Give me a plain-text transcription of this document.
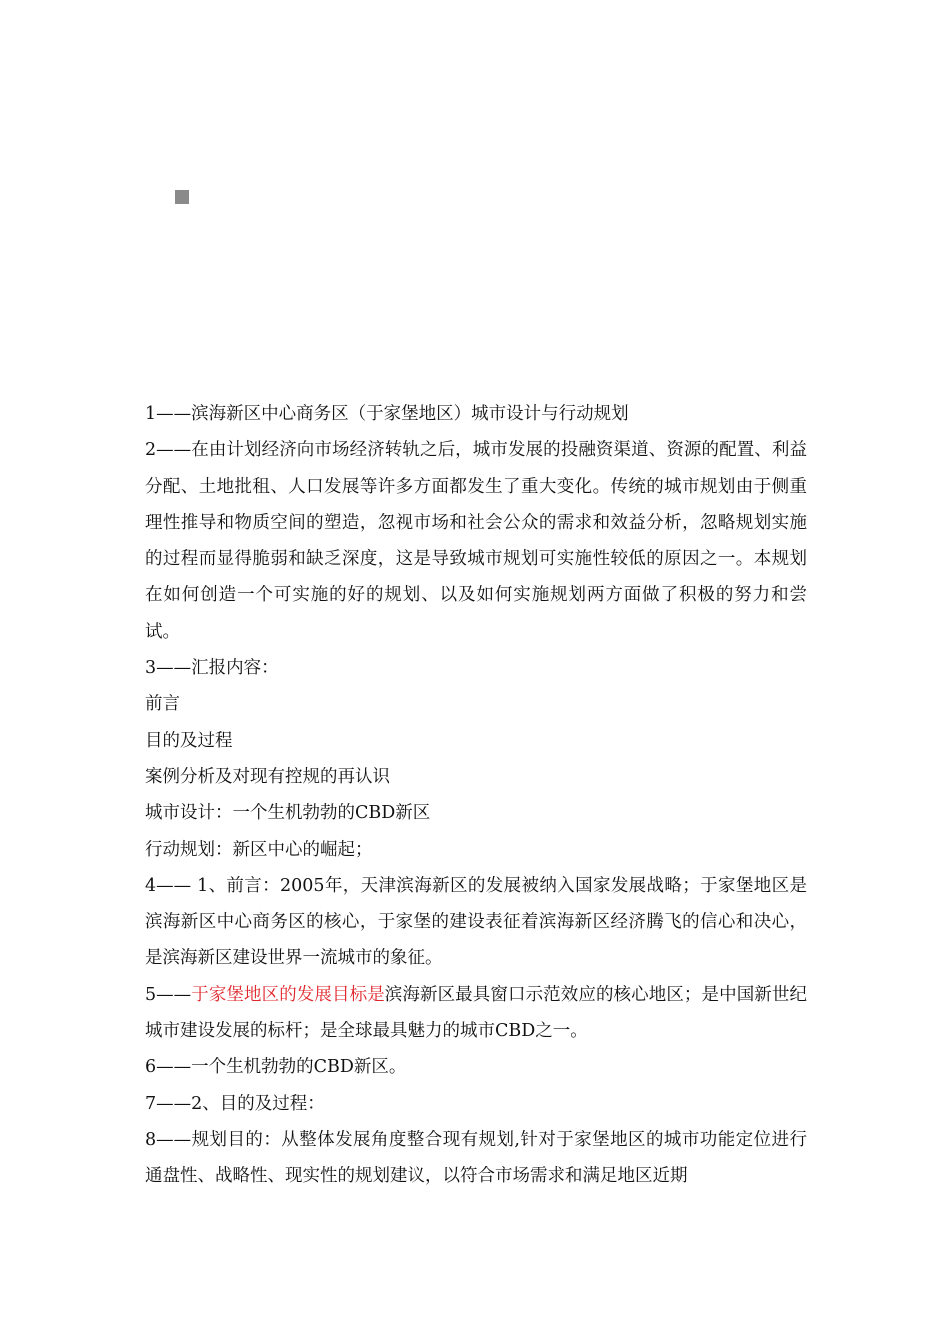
1——滨海新区中心商务区（于家堡地区）城市设计与行动规划

2——在由计划经济向市场经济转轨之后，城市发展的投融资渠道、资源的配置、利益分配、土地批租、人口发展等许多方面都发生了重大变化。传统的城市规划由于侧重理性推导和物质空间的塑造，忽视市场和社会公众的需求和效益分析，忽略规划实施的过程而显得脆弱和缺乏深度，这是导致城市规划可实施性较低的原因之一。本规划在如何创造一个可实施的好的规划、以及如何实施规划两方面做了积极的努力和尝试。

3——汇报内容：

前言

目的及过程

案例分析及对现有控规的再认识

城市设计：一个生机勃勃的CBD新区

行动规划：新区中心的崛起；

4—— 1、前言：2005年，天津滨海新区的发展被纳入国家发展战略；于家堡地区是滨海新区中心商务区的核心，于家堡的建设表征着滨海新区经济腾飞的信心和决心，是滨海新区建设世界一流城市的象征。

5——于家堡地区的发展目标是滨海新区最具窗口示范效应的核心地区；是中国新世纪城市建设发展的标杆；是全球最具魅力的城市CBD之一。

6——一个生机勃勃的CBD新区。

7——2、目的及过程：

8——规划目的：从整体发展角度整合现有规划,针对于家堡地区的城市功能定位进行通盘性、战略性、现实性的规划建议，以符合市场需求和满足地区近期
